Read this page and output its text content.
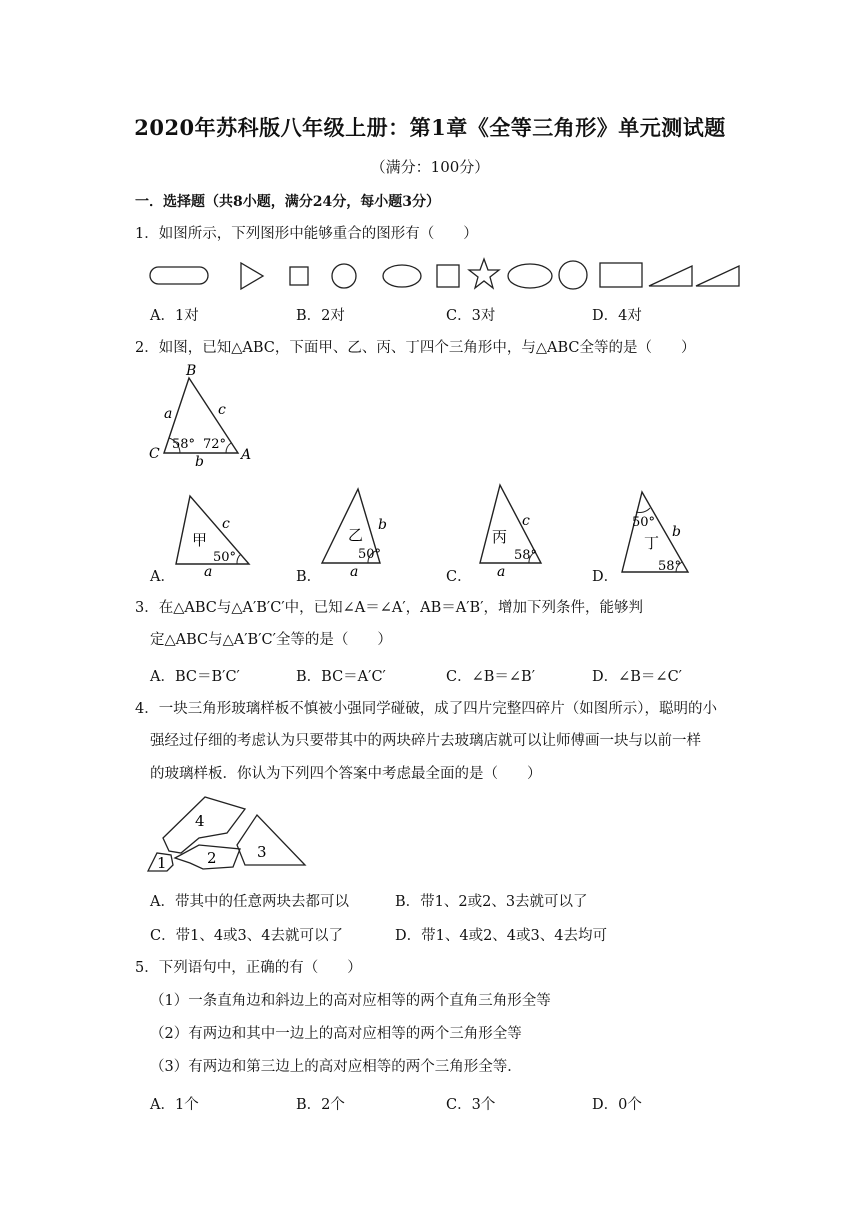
2020年苏科版八年级上册：第1章《全等三角形》单元测试题
（满分：100分）
一．选择题（共8小题，满分24分，每小题3分）
1．如图所示，下列图形中能够重合的图形有（　　）
A．1对	B．2对	C．3对	D．4对
2．如图，已知△ABC，下面甲、乙、丙、丁四个三角形中，与△ABC全等的是（　　）
B
C	A
a	c
b
58° 72°
甲
c
50°
a
A．
乙
b
50°
a
B．
丙
c
58°
a
C．
50°
丁
b
58°
D．
3．在△ABC与△A′B′C′中，已知∠A＝∠A′，AB＝A′B′，增加下列条件，能够判
定△ABC与△A′B′C′全等的是（　　）
A．BC＝B′C′	B．BC＝A′C′	C．∠B＝∠B′	D．∠B＝∠C′
4．一块三角形玻璃样板不慎被小强同学碰破，成了四片完整四碎片（如图所示），聪明的小
强经过仔细的考虑认为只要带其中的两块碎片去玻璃店就可以让师傅画一块与以前一样
的玻璃样板．你认为下列四个答案中考虑最全面的是（　　）
4
1	2	3
A．带其中的任意两块去都可以	B．带1、2或2、3去就可以了
C．带1、4或3、4去就可以了	D．带1、4或2、4或3、4去均可
5．下列语句中，正确的有（　　）
（1）一条直角边和斜边上的高对应相等的两个直角三角形全等
（2）有两边和其中一边上的高对应相等的两个三角形全等
（3）有两边和第三边上的高对应相等的两个三角形全等．
A．1个	B．2个	C．3个	D．0个
